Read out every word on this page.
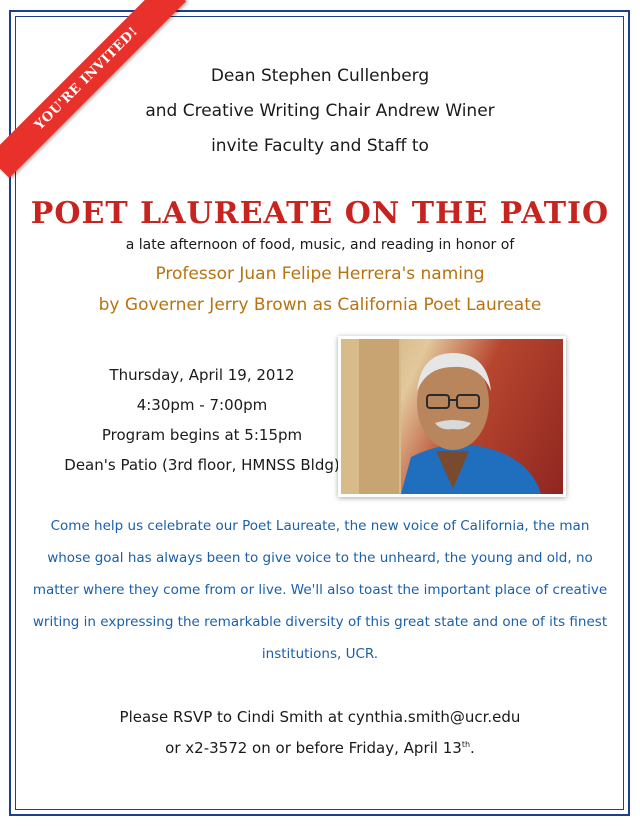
YOU'RE INVITED!	Dean Stephen Cullenberg
and Creative Writing Chair Andrew Winer
invite Faculty and Staff to
POET LAUREATE ON THE PATIO
a late afternoon of food, music, and reading in honor of
Professor Juan Felipe Herrera's naming
by Governer Jerry Brown as California Poet Laureate
Thursday, April 19, 2012
4:30pm - 7:00pm
Program begins at 5:15pm
Dean's Patio (3rd floor, HMNSS Bldg)
Come help us celebrate our Poet Laureate, the new voice of California, the man
whose goal has always been to give voice to the unheard, the young and old, no
matter where they come from or live. We'll also toast the important place of creative
writing in expressing the remarkable diversity of this great state and one of its finest
institutions, UCR.
Please RSVP to Cindi Smith at cynthia.smith@ucr.edu
or x2-3572 on or before Friday, April 13th.
